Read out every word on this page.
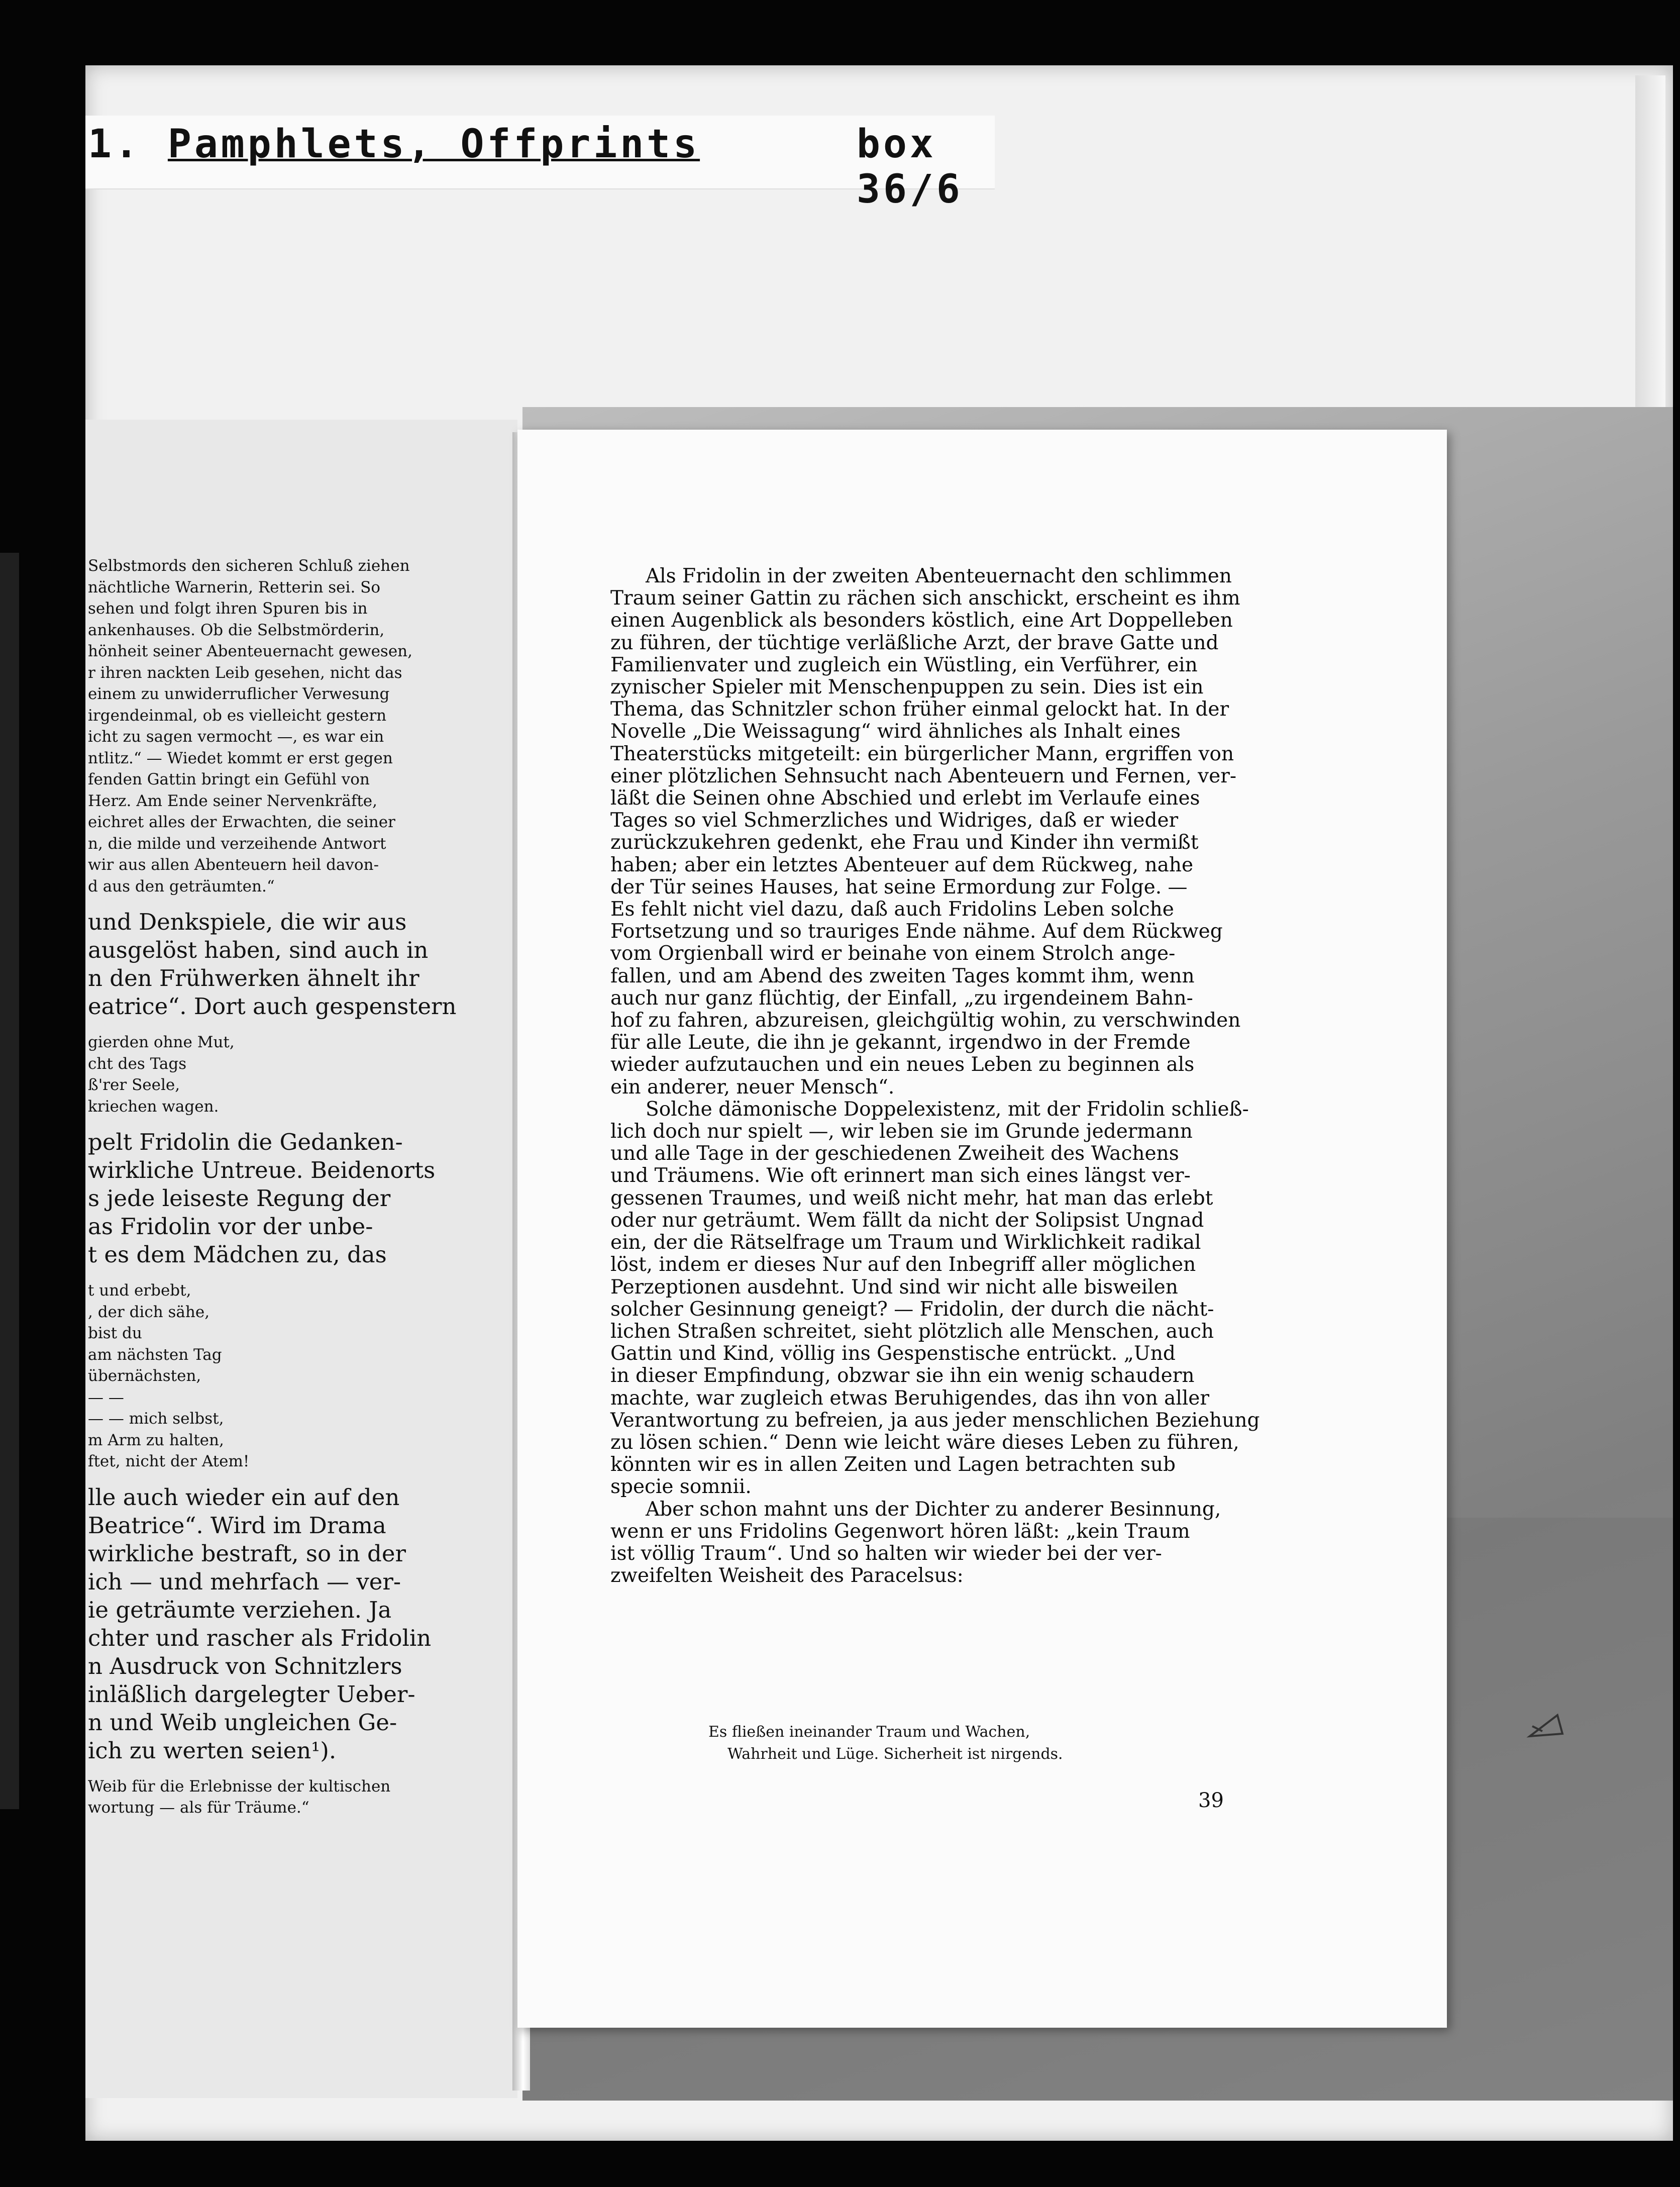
1. Pamphlets, Offprints	box 36/6
Selbstmords den sicheren Schluß ziehen
nächtliche Warnerin, Retterin sei. So
sehen und folgt ihren Spuren bis in
ankenhauses. Ob die Selbstmörderin,
hönheit seiner Abenteuernacht gewesen,
r ihren nackten Leib gesehen, nicht das
einem zu unwiderruflicher Verwesung
irgendeinmal, ob es vielleicht gestern
icht zu sagen vermocht —, es war ein
ntlitz.“ — Wiedet kommt er erst gegen
fenden Gattin bringt ein Gefühl von
Herz. Am Ende seiner Nervenkräfte,
eichret alles der Erwachten, die seiner
n, die milde und verzeihende Antwort
wir aus allen Abenteuern heil davon-
d aus den geträumten.“
und Denkspiele, die wir aus
ausgelöst haben, sind auch in
n den Frühwerken ähnelt ihr
eatrice“. Dort auch gespenstern
gierden ohne Mut,
cht des Tags
ß'rer Seele,
kriechen wagen.
pelt Fridolin die Gedanken-
wirkliche Untreue. Beidenorts
s jede leiseste Regung der
as Fridolin vor der unbe-
t es dem Mädchen zu, das
t und erbebt,
, der dich sähe,
bist du
am nächsten Tag
übernächsten,
— —
— — mich selbst,
m Arm zu halten,
ftet, nicht der Atem!
lle auch wieder ein auf den
Beatrice“. Wird im Drama
wirkliche bestraft, so in der
ich — und mehrfach — ver-
ie geträumte verziehen. Ja
chter und rascher als Fridolin
n Ausdruck von Schnitzlers
inläßlich dargelegter Ueber-
n und Weib ungleichen Ge-
ich zu werten seien¹).
Weib für die Erlebnisse der kultischen
wortung — als für Träume.“
Als Fridolin in der zweiten Abenteuernacht den schlimmen
Traum seiner Gattin zu rächen sich anschickt, erscheint es ihm
einen Augenblick als besonders köstlich, eine Art Doppelleben
zu führen, der tüchtige verläßliche Arzt, der brave Gatte und
Familienvater und zugleich ein Wüstling, ein Verführer, ein
zynischer Spieler mit Menschenpuppen zu sein. Dies ist ein
Thema, das Schnitzler schon früher einmal gelockt hat. In der
Novelle „Die Weissagung“ wird ähnliches als Inhalt eines
Theaterstücks mitgeteilt: ein bürgerlicher Mann, ergriffen von
einer plötzlichen Sehnsucht nach Abenteuern und Fernen, ver-
läßt die Seinen ohne Abschied und erlebt im Verlaufe eines
Tages so viel Schmerzliches und Widriges, daß er wieder
zurückzukehren gedenkt, ehe Frau und Kinder ihn vermißt
haben; aber ein letztes Abenteuer auf dem Rückweg, nahe
der Tür seines Hauses, hat seine Ermordung zur Folge. —
Es fehlt nicht viel dazu, daß auch Fridolins Leben solche
Fortsetzung und so trauriges Ende nähme. Auf dem Rückweg
vom Orgienball wird er beinahe von einem Strolch ange-
fallen, und am Abend des zweiten Tages kommt ihm, wenn
auch nur ganz flüchtig, der Einfall, „zu irgendeinem Bahn-
hof zu fahren, abzureisen, gleichgültig wohin, zu verschwinden
für alle Leute, die ihn je gekannt, irgendwo in der Fremde
wieder aufzutauchen und ein neues Leben zu beginnen als
ein anderer, neuer Mensch“.
Solche dämonische Doppelexistenz, mit der Fridolin schließ-
lich doch nur spielt —, wir leben sie im Grunde jedermann
und alle Tage in der geschiedenen Zweiheit des Wachens
und Träumens. Wie oft erinnert man sich eines längst ver-
gessenen Traumes, und weiß nicht mehr, hat man das erlebt
oder nur geträumt. Wem fällt da nicht der Solipsist Ungnad
ein, der die Rätselfrage um Traum und Wirklichkeit radikal
löst, indem er dieses Nur auf den Inbegriff aller möglichen
Perzeptionen ausdehnt. Und sind wir nicht alle bisweilen
solcher Gesinnung geneigt? — Fridolin, der durch die nächt-
lichen Straßen schreitet, sieht plötzlich alle Menschen, auch
Gattin und Kind, völlig ins Gespenstische entrückt. „Und
in dieser Empfindung, obzwar sie ihn ein wenig schaudern
machte, war zugleich etwas Beruhigendes, das ihn von aller
Verantwortung zu befreien, ja aus jeder menschlichen Beziehung
zu lösen schien.“ Denn wie leicht wäre dieses Leben zu führen,
könnten wir es in allen Zeiten und Lagen betrachten sub
specie somnii.
Aber schon mahnt uns der Dichter zu anderer Besinnung,
wenn er uns Fridolins Gegenwort hören läßt: „kein Traum
ist völlig Traum“. Und so halten wir wieder bei der ver-
zweifelten Weisheit des Paracelsus:
Es fließen ineinander Traum und Wachen,
Wahrheit und Lüge. Sicherheit ist nirgends.
39
